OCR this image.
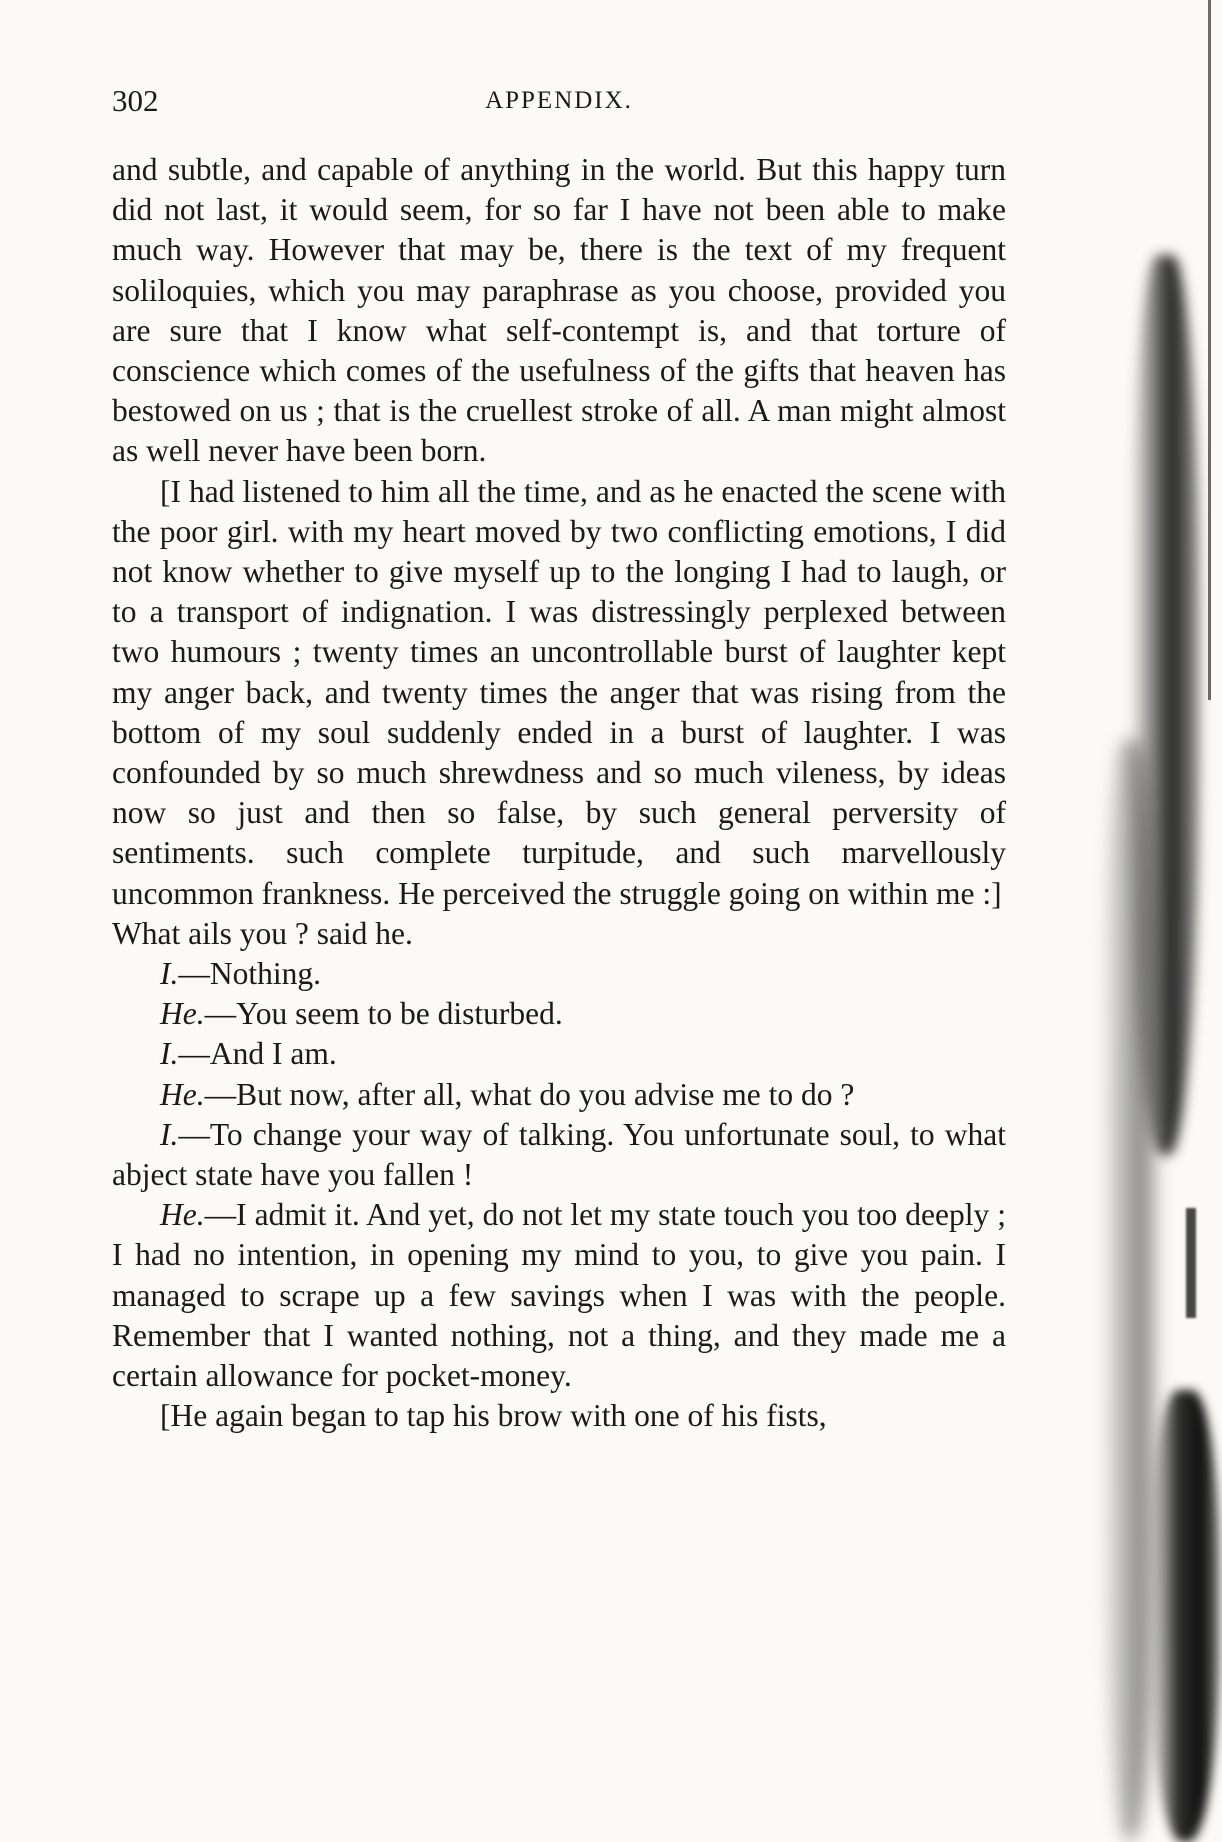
302	APPENDIX.

and subtle, and capable of anything in the world. But this happy turn did not last, it would seem, for so far I have not been able to make much way. However that may be, there is the text of my frequent soliloquies, which you may paraphrase as you choose, provided you are sure that I know what self-contempt is, and that torture of conscience which comes of the usefulness of the gifts that heaven has bestowed on us ; that is the cruellest stroke of all. A man might almost as well never have been born.

[I had listened to him all the time, and as he enacted the scene with the poor girl. with my heart moved by two conflicting emotions, I did not know whether to give myself up to the longing I had to laugh, or to a transport of indignation. I was distressingly perplexed between two humours ; twenty times an uncontrollable burst of laughter kept my anger back, and twenty times the anger that was rising from the bottom of my soul suddenly ended in a burst of laughter. I was confounded by so much shrewdness and so much vileness, by ideas now so just and then so false, by such general perversity of sentiments. such complete turpitude, and such marvellously uncommon frankness. He perceived the struggle going on within me :]

What ails you ? said he.

I.—Nothing.

He.—You seem to be disturbed.

I.—And I am.

He.—But now, after all, what do you advise me to do ?

I.—To change your way of talking. You unfortunate soul, to what abject state have you fallen !

He.—I admit it. And yet, do not let my state touch you too deeply ; I had no intention, in opening my mind to you, to give you pain. I managed to scrape up a few savings when I was with the people. Remember that I wanted nothing, not a thing, and they made me a certain allowance for pocket-money.

[He again began to tap his brow with one of his fists,
